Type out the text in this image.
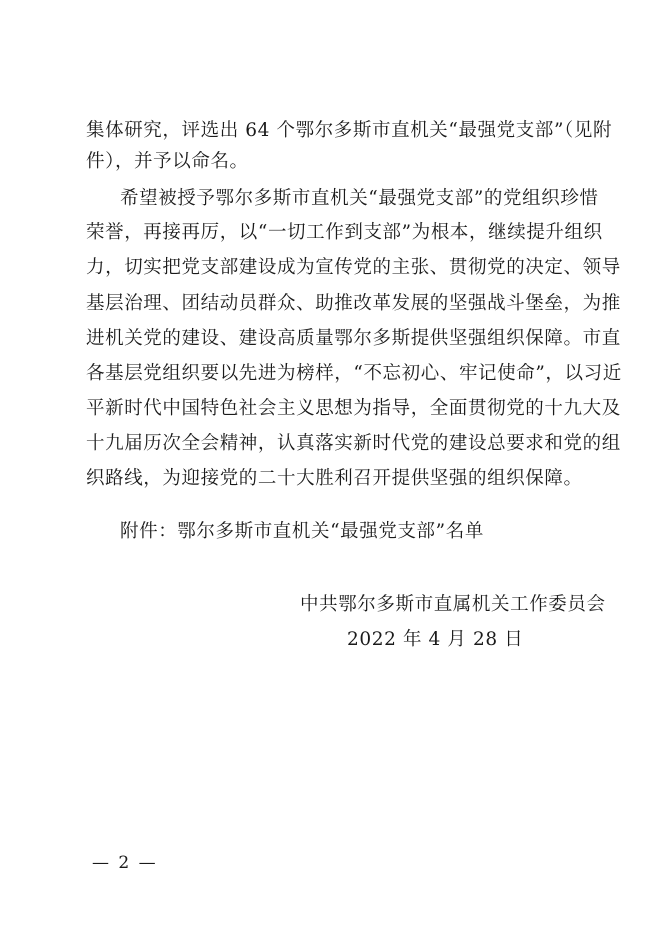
集体研究，评选出 64 个鄂尔多斯市直机关“最强党支部”（见附
件），并予以命名。
希望被授予鄂尔多斯市直机关“最强党支部”的党组织珍惜
荣誉，再接再厉，以“一切工作到支部”为根本，继续提升组织
力，切实把党支部建设成为宣传党的主张、贯彻党的决定、领导
基层治理、团结动员群众、助推改革发展的坚强战斗堡垒，为推
进机关党的建设、建设高质量鄂尔多斯提供坚强组织保障。市直
各基层党组织要以先进为榜样，“不忘初心、牢记使命”，以习近
平新时代中国特色社会主义思想为指导，全面贯彻党的十九大及
十九届历次全会精神，认真落实新时代党的建设总要求和党的组
织路线，为迎接党的二十大胜利召开提供坚强的组织保障。
附件：鄂尔多斯市直机关“最强党支部”名单
中共鄂尔多斯市直属机关工作委员会
2022 年 4 月 28 日
— 2 —
